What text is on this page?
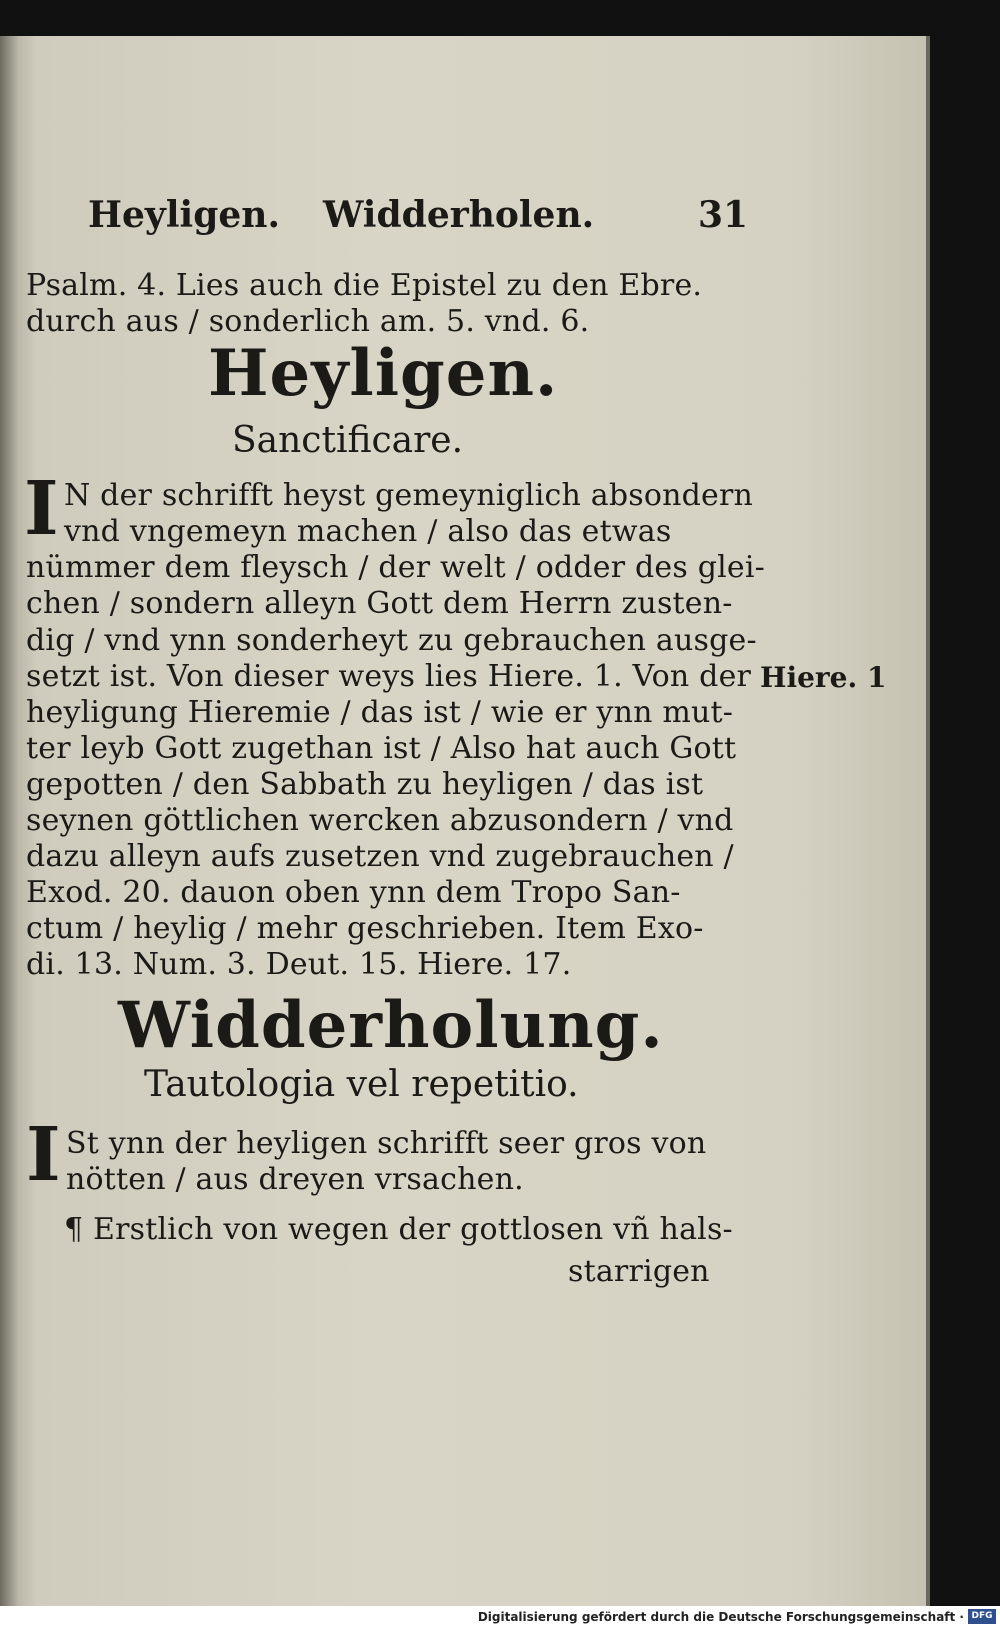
Heyligen. Widderholen.	31
Psalm. 4. Lies auch die Epistel zu den Ebre.
durch aus / sonderlich am. 5. vnd. 6.
Heyligen.
Sanctificare.
I N der schrifft heyst gemeyniglich absondern
vnd vngemeyn machen / also das etwas
nümmer dem fleysch / der welt / odder des glei-
chen / sondern alleyn Gott dem Herrn zusten-
dig / vnd ynn sonderheyt zu gebrauchen ausge-
setzt ist. Von dieser weys lies Hiere. 1. Von der Hiere. 1
heyligung Hieremie / das ist / wie er ynn mut-
ter leyb Gott zugethan ist / Also hat auch Gott
gepotten / den Sabbath zu heyligen / das ist
seynen göttlichen wercken abzusondern / vnd
dazu alleyn aufs zusetzen vnd zugebrauchen /
Exod. 20. dauon oben ynn dem Tropo San-
ctum / heylig / mehr geschrieben. Item Exo-
di. 13. Num. 3. Deut. 15. Hiere. 17.
Widderholung.
Tautologia vel repetitio.
I St ynn der heyligen schrifft seer gros von
nötten / aus dreyen vrsachen.
¶ Erstlich von wegen der gottlosen vñ hals-
starrigen
Digitalisierung gefördert durch die Deutsche Forschungsgemeinschaft · DFG
